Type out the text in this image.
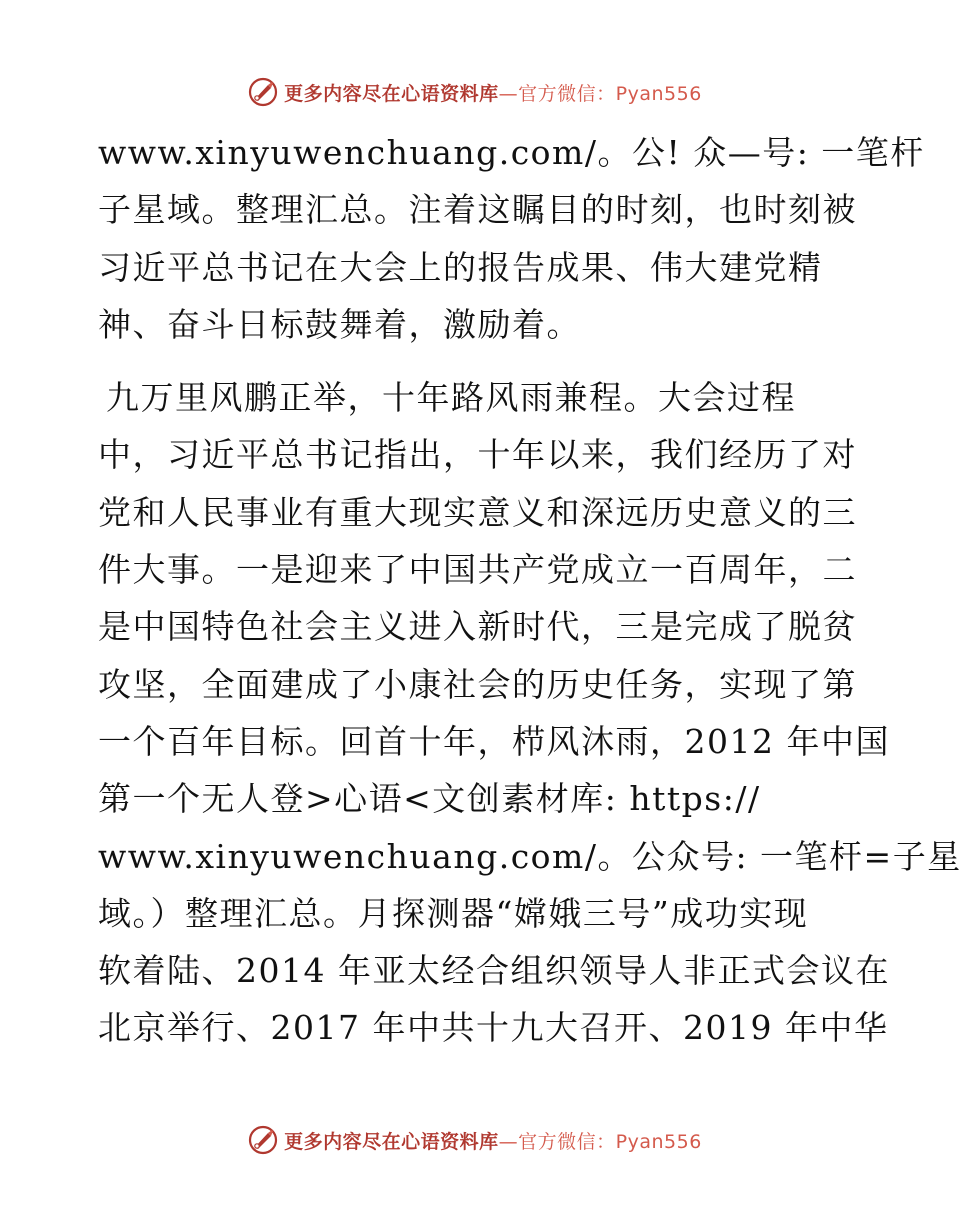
更多内容尽在心语资料库—官方微信：Pyan556
www.xinyuwenchuang.com/。公! 众—号: 一笔杆
子星域。整理汇总。注着这瞩目的时刻，也时刻被
习近平总书记在大会上的报告成果、伟大建党精
神、奋斗日标鼓舞着，激励着。
九万里风鹏正举，十年路风雨兼程。大会过程
中，习近平总书记指出，十年以来，我们经历了对
党和人民事业有重大现实意义和深远历史意义的三
件大事。一是迎来了中国共产党成立一百周年，二
是中国特色社会主义进入新时代，三是完成了脱贫
攻坚，全面建成了小康社会的历史任务，实现了第
一个百年目标。回首十年，栉风沐雨，2012 年中国
第一个无人登>心语<文创素材库: https://
www.xinyuwenchuang.com/。公众号: 一笔杆=子星
域。）整理汇总。月探测器“嫦娥三号”成功实现
软着陆、2014 年亚太经合组织领导人非正式会议在
北京举行、2017 年中共十九大召开、2019 年中华
更多内容尽在心语资料库—官方微信：Pyan556
